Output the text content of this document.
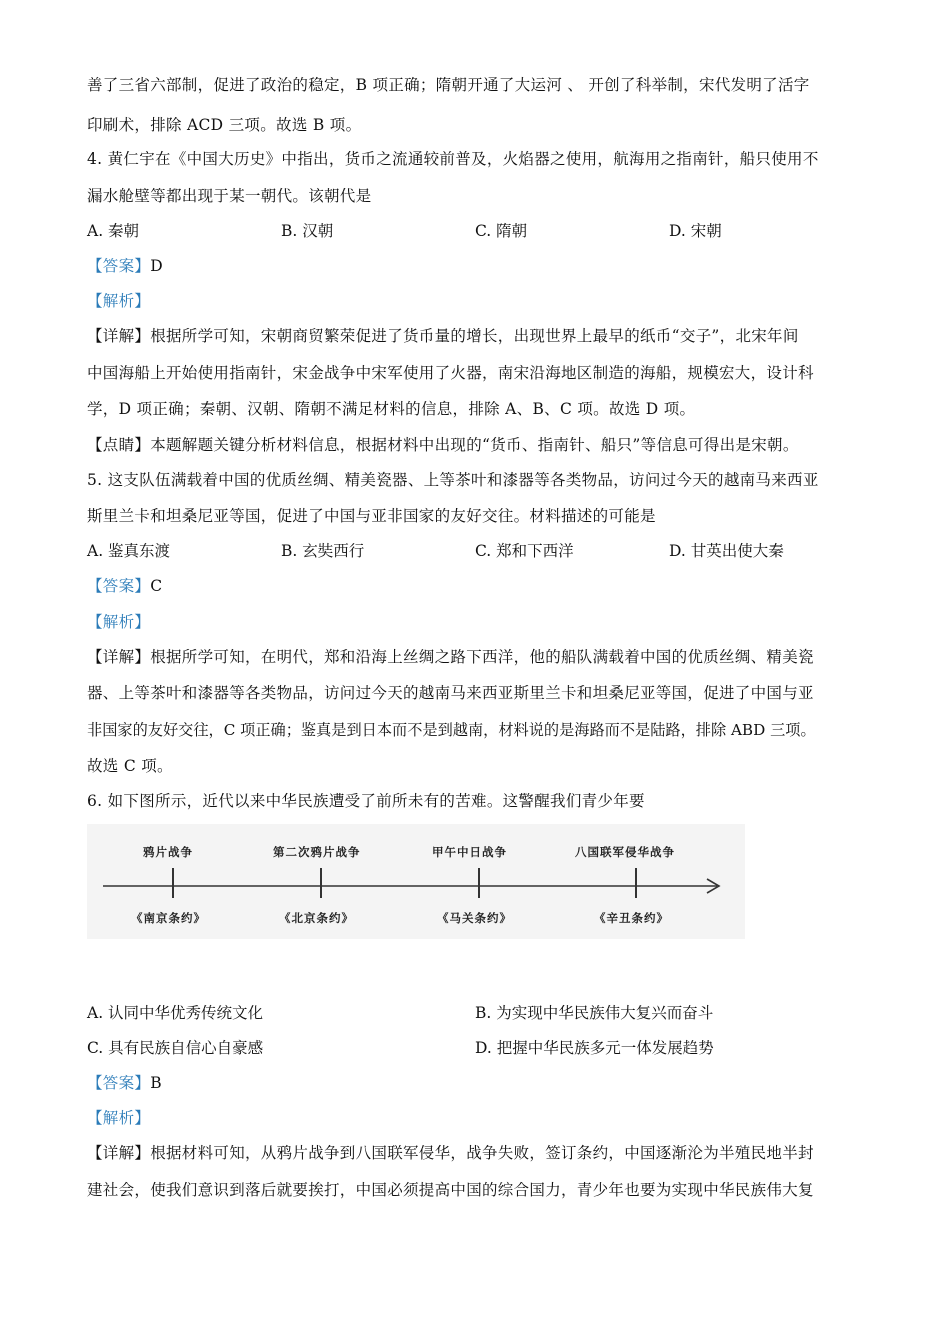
善了三省六部制，促进了政治的稳定，B 项正确；隋朝开通了大运河 、 开创了科举制，宋代发明了活字
印刷术，排除 ACD 三项。故选 B 项。
4. 黄仁宇在《中国大历史》中指出，货币之流通较前普及，火焰器之使用，航海用之指南针，船只使用不
漏水舱壁等都出现于某一朝代。该朝代是
A. 秦朝	B. 汉朝	C. 隋朝	D. 宋朝
【答案】D
【解析】
【详解】根据所学可知，宋朝商贸繁荣促进了货币量的增长，出现世界上最早的纸币“交子”，北宋年间
中国海船上开始使用指南针，宋金战争中宋军使用了火器，南宋沿海地区制造的海船，规模宏大，设计科
学，D 项正确；秦朝、汉朝、隋朝不满足材料的信息，排除 A、B、C 项。故选 D 项。
【点睛】本题解题关键分析材料信息，根据材料中出现的“货币、指南针、船只”等信息可得出是宋朝。
5. 这支队伍满载着中国的优质丝绸、精美瓷器、上等茶叶和漆器等各类物品，访问过今天的越南马来西亚
斯里兰卡和坦桑尼亚等国，促进了中国与亚非国家的友好交往。材料描述的可能是
A. 鉴真东渡	B. 玄奘西行	C. 郑和下西洋	D. 甘英出使大秦
【答案】C
【解析】
【详解】根据所学可知，在明代，郑和沿海上丝绸之路下西洋，他的船队满载着中国的优质丝绸、精美瓷
器、上等茶叶和漆器等各类物品，访问过今天的越南马来西亚斯里兰卡和坦桑尼亚等国，促进了中国与亚
非国家的友好交往，C 项正确；鉴真是到日本而不是到越南，材料说的是海路而不是陆路，排除 ABD 三项。
故选 C 项。
6. 如下图所示，近代以来中华民族遭受了前所未有的苦难。这警醒我们青少年要
鸦片战争	第二次鸦片战争	甲午中日战争	八国联军侵华战争
《南京条约》	《北京条约》	《马关条约》	《辛丑条约》
A. 认同中华优秀传统文化	B. 为实现中华民族伟大复兴而奋斗
C. 具有民族自信心自豪感	D. 把握中华民族多元一体发展趋势
【答案】B
【解析】
【详解】根据材料可知，从鸦片战争到八国联军侵华，战争失败，签订条约，中国逐渐沦为半殖民地半封
建社会，使我们意识到落后就要挨打，中国必须提高中国的综合国力，青少年也要为实现中华民族伟大复
